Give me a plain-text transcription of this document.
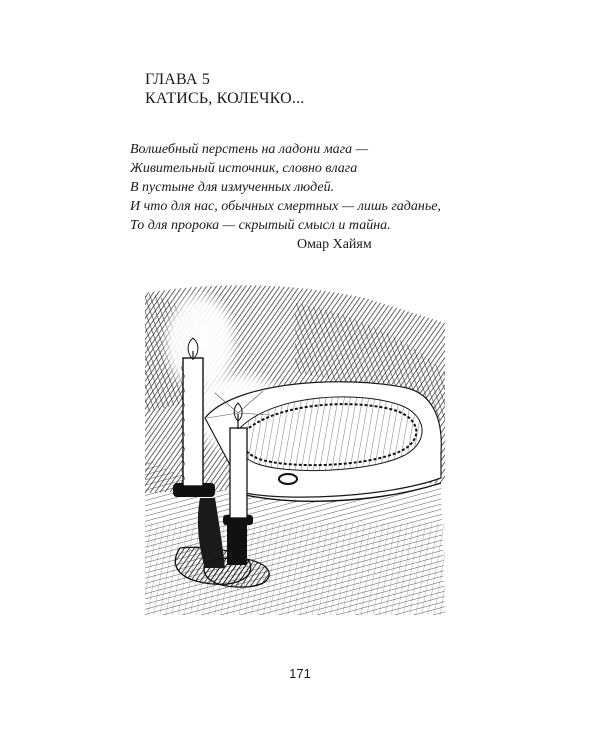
ГЛАВА 5
КАТИСЬ, КОЛЕЧКО...
Волшебный перстень на ладони мага —
Живительный источник, словно влага
В пустыне для измученных людей.
И что для нас, обычных смертных — лишь гаданье,
То для пророка — скрытый смысл и тайна.
Омар Хайям
171
